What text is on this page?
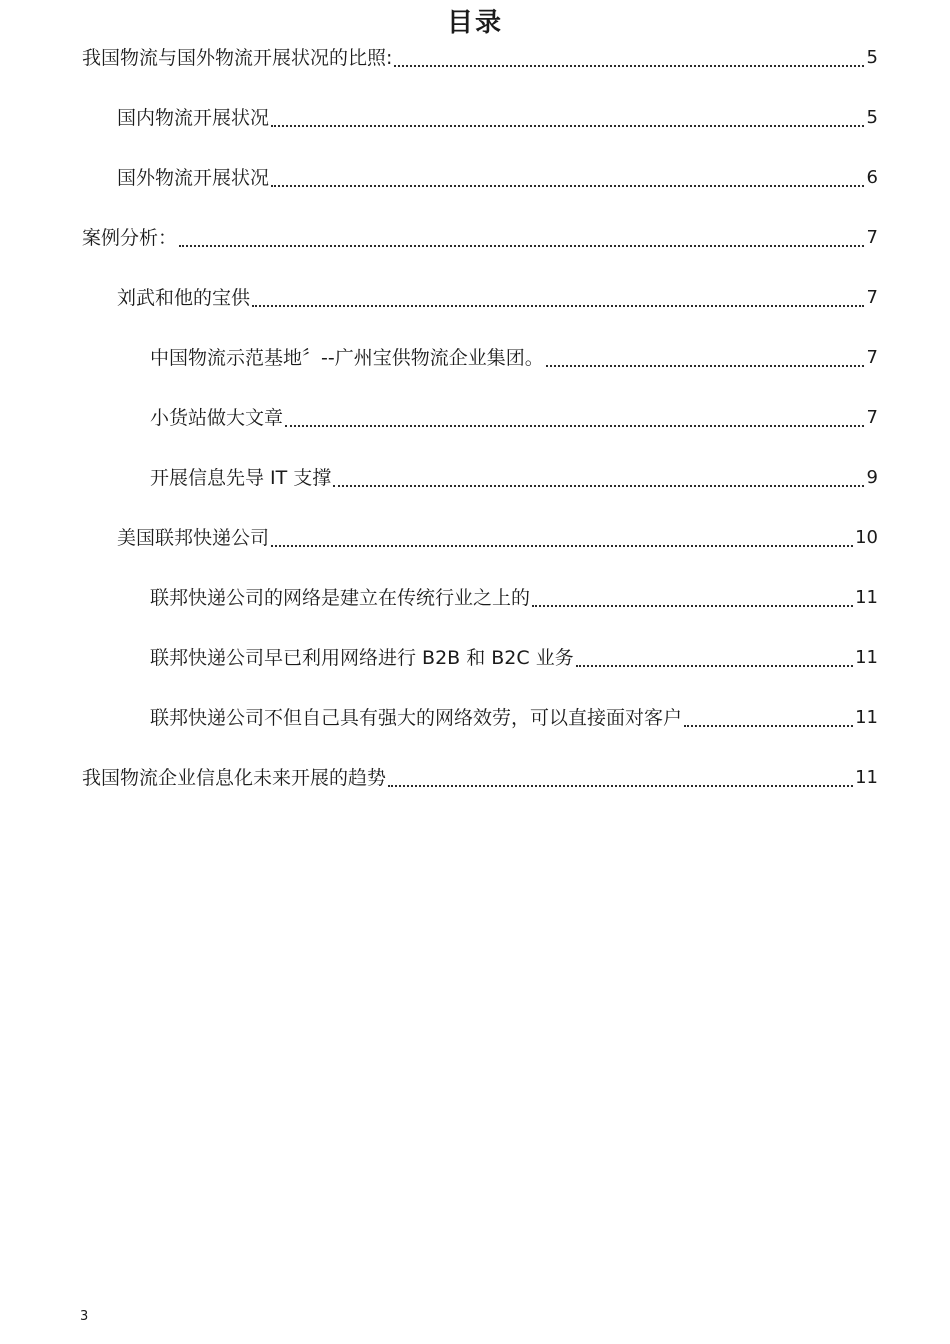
目录
我国物流与国外物流开展状况的比照:	5
国内物流开展状况	5
国外物流开展状况	6
案例分析：	7
刘武和他的宝供	7
中国物流示范基地〞--广州宝供物流企业集团。	7
小货站做大文章	7
开展信息先导 IT 支撑	9
美国联邦快递公司	10
联邦快递公司的网络是建立在传统行业之上的	11
联邦快递公司早已利用网络进行 B2B 和 B2C 业务	11
联邦快递公司不但自己具有强大的网络效劳，可以直接面对客户	11
我国物流企业信息化未来开展的趋势	11
3
